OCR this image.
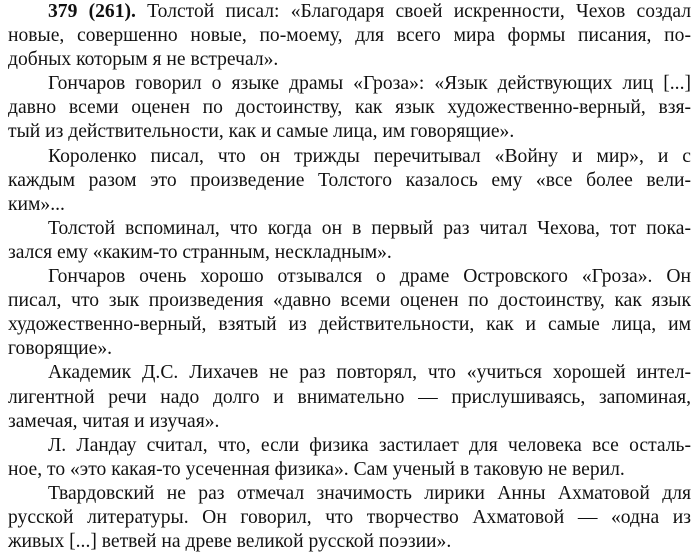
379 (261). Толстой писал: «Благодаря своей искренности, Чехов создал
новые, совершенно новые, по-моему, для всего мира формы писания, по-
добных которым я не встречал».
Гончаров говорил о языке драмы «Гроза»: «Язык действующих лиц [...]
давно всеми оценен по достоинству, как язык художественно-верный, взя-
тый из действительности, как и самые лица, им говорящие».
Короленко писал, что он трижды перечитывал «Войну и мир», и с
каждым разом это произведение Толстого казалось ему «все более вели-
ким»...
Толстой вспоминал, что когда он в первый раз читал Чехова, тот пока-
зался ему «каким-то странным, нескладным».
Гончаров очень хорошо отзывался о драме Островского «Гроза». Он
писал, что зык произведения «давно всеми оценен по достоинству, как язык
художественно-верный, взятый из действительности, как и самые лица, им
говорящие».
Академик Д.С. Лихачев не раз повторял, что «учиться хорошей интел-
лигентной речи надо долго и внимательно — прислушиваясь, запоминая,
замечая, читая и изучая».
Л. Ландау считал, что, если физика застилает для человека все осталь-
ное, то «это какая-то усеченная физика». Сам ученый в таковую не верил.
Твардовский не раз отмечал значимость лирики Анны Ахматовой для
русской литературы. Он говорил, что творчество Ахматовой — «одна из
живых [...] ветвей на древе великой русской поэзии».
